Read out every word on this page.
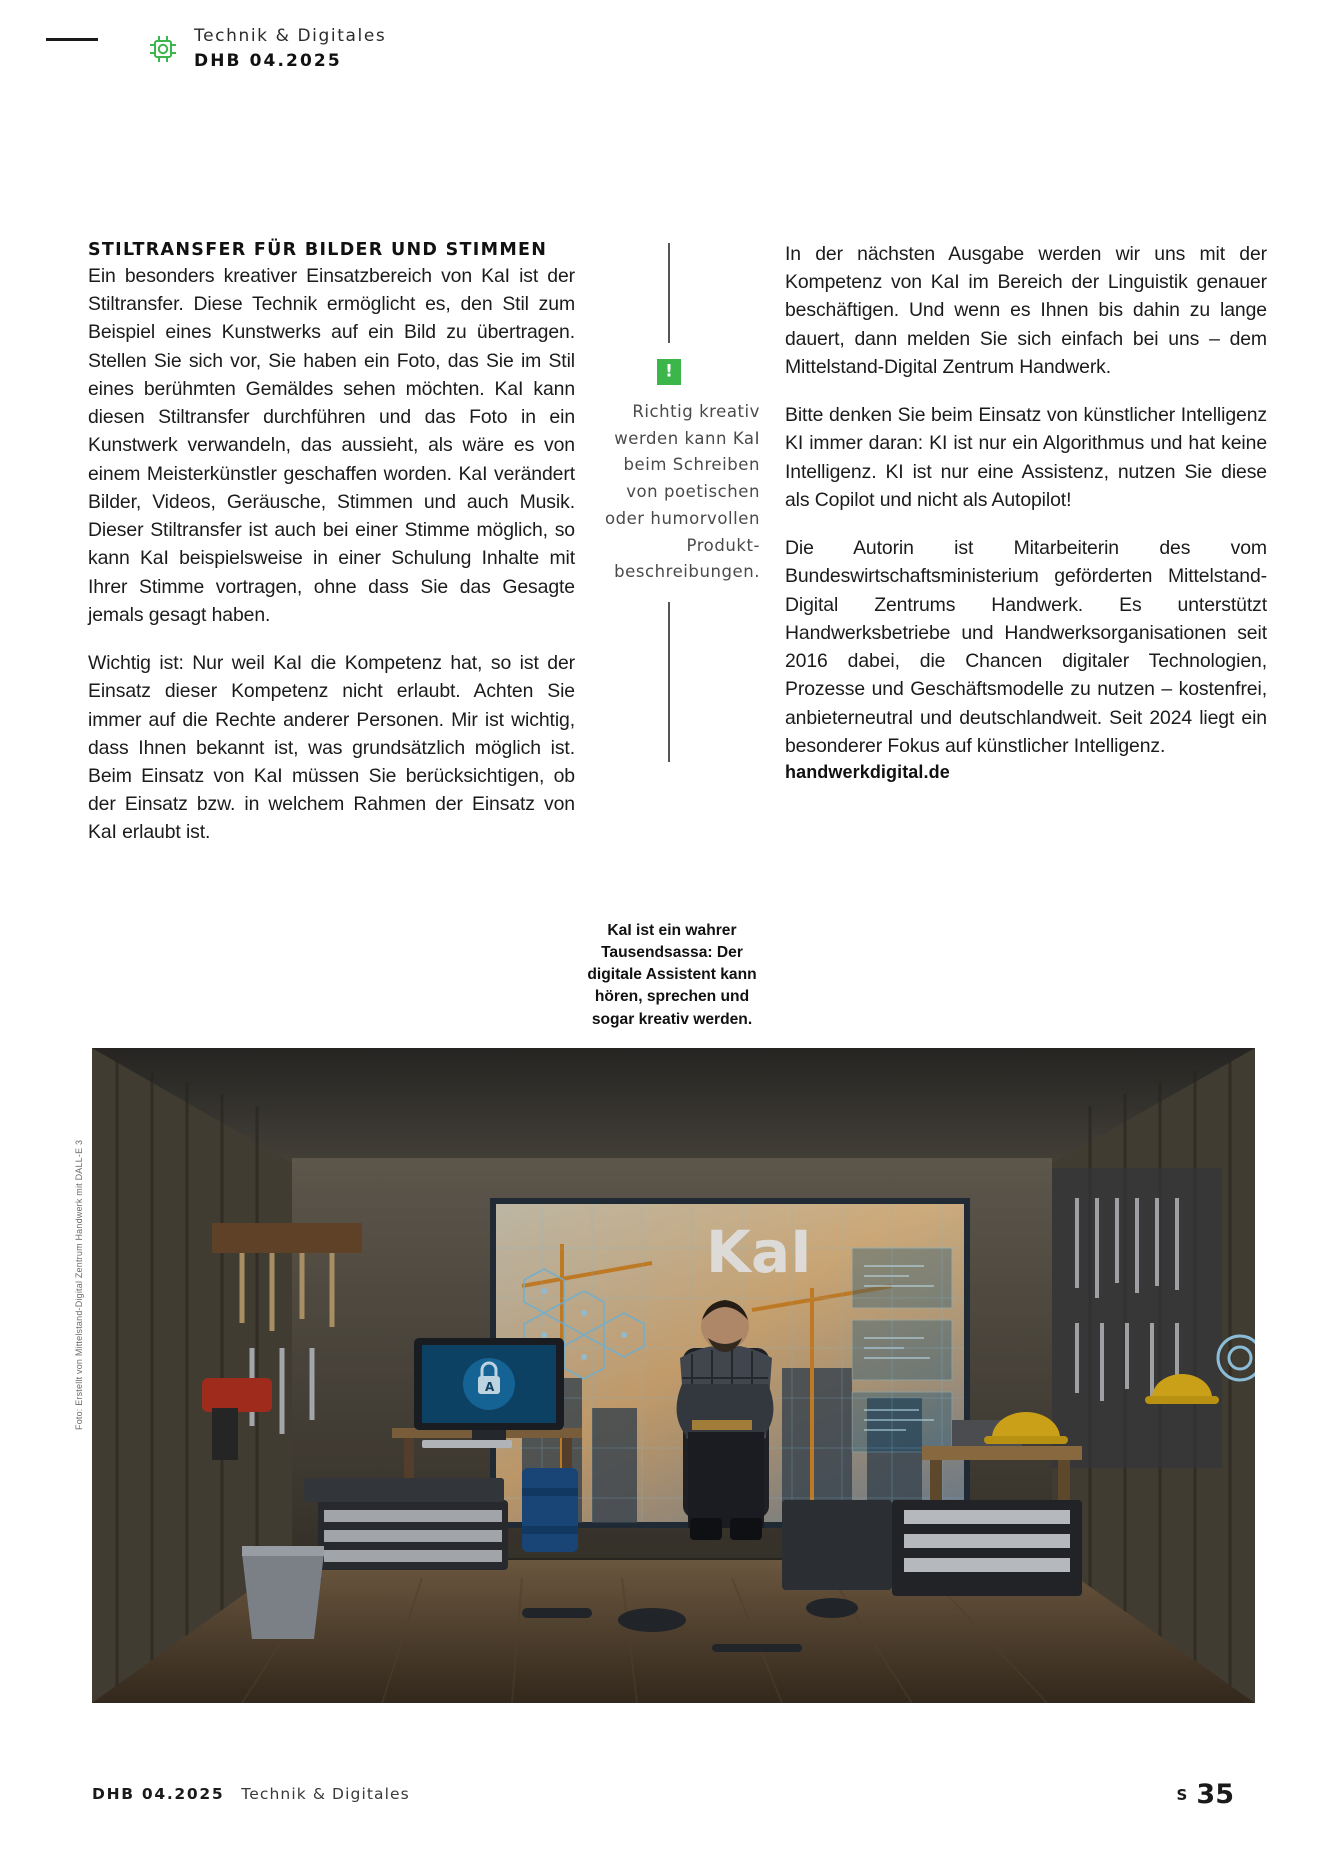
Technik & Digitales
DHB 04.2025
STILTRANSFER FÜR BILDER UND STIMMEN

Ein besonders kreativer Einsatzbereich von KaI ist der Stiltransfer. Diese Technik ermöglicht es, den Stil zum Beispiel eines Kunstwerks auf ein Bild zu übertragen. Stellen Sie sich vor, Sie haben ein Foto, das Sie im Stil eines berühmten Gemäldes sehen möchten. KaI kann diesen Stiltransfer durchführen und das Foto in ein Kunstwerk verwandeln, das aussieht, als wäre es von einem Meisterkünstler geschaffen worden. KaI verändert Bilder, Videos, Geräusche, Stimmen und auch Musik. Dieser Stiltransfer ist auch bei einer Stimme möglich, so kann KaI beispielsweise in einer Schulung Inhalte mit Ihrer Stimme vortragen, ohne dass Sie das Gesagte jemals gesagt haben.

Wichtig ist: Nur weil KaI die Kompetenz hat, so ist der Einsatz dieser Kompetenz nicht erlaubt. Achten Sie immer auf die Rechte anderer Personen. Mir ist wichtig, dass Ihnen bekannt ist, was grundsätzlich möglich ist. Beim Einsatz von KaI müssen Sie berücksichtigen, ob der Einsatz bzw. in welchem Rahmen der Einsatz von KaI erlaubt ist.

!

Richtig kreativ werden kann KaI beim Schreiben von poetischen oder humorvollen Produkt-beschreibungen.

In der nächsten Ausgabe werden wir uns mit der Kompetenz von KaI im Bereich der Linguistik genauer beschäftigen. Und wenn es Ihnen bis dahin zu lange dauert, dann melden Sie sich einfach bei uns – dem Mittelstand-Digital Zentrum Handwerk.

Bitte denken Sie beim Einsatz von künstlicher Intelligenz KI immer daran: KI ist nur ein Algorithmus und hat keine Intelligenz. KI ist nur eine Assistenz, nutzen Sie diese als Copilot und nicht als Autopilot!

Die Autorin ist Mitarbeiterin des vom Bundeswirtschaftsministerium geförderten Mittelstand-Digital Zentrums Handwerk. Es unterstützt Handwerksbetriebe und Handwerksorganisationen seit 2016 dabei, die Chancen digitaler Technologien, Prozesse und Geschäftsmodelle zu nutzen – kostenfrei, anbieterneutral und deutschlandweit. Seit 2024 liegt ein besonderer Fokus auf künstlicher Intelligenz.

handwerkdigital.de
KaI ist ein wahrer Tausendsassa: Der digitale Assistent kann hören, sprechen und sogar kreativ werden.
KaI
A
Foto: Erstellt von Mittelstand-Digital Zentrum Handwerk mit DALL-E 3
DHB 04.2025 Technik & Digitales	S 35
